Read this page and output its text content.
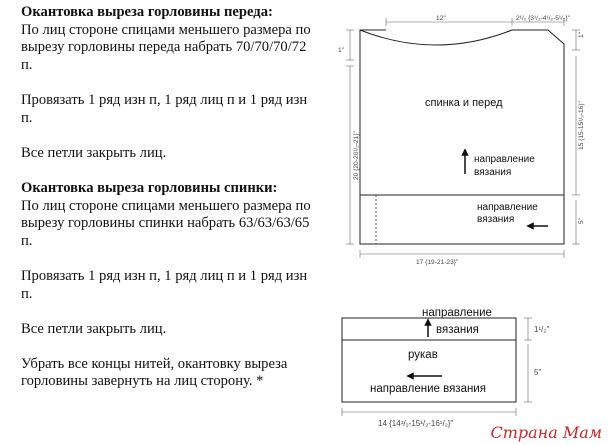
Окантовка выреза горловины переда:

По лиц стороне спицами меньшего размера по вырезу горловины переда набрать 70/70/70/72 п.

Провязать 1 ряд изн п, 1 ряд лиц п и 1 ряд изн п.

Все петли закрыть лиц.

Окантовка выреза горловины спинки:

По лиц стороне спицами меньшего размера по вырезу горловины спинки набрать 63/63/63/65 п.

Провязать 1 ряд изн п, 1 ряд лиц п и 1 ряд изн п.

Все петли закрыть лиц.

Убрать все концы нитей, окантовку выреза горловины завернуть на лиц сторону. *

12"	2¹/₂ {3¹/₂-4¹/₂-5¹/₂}"
1"
20 {20-20¹/₂-21}"
1"
15 {15-15¹/₂-16}"
5"
17 {19-21-23}"
спинка и перед
направление
вязания
направление
вязания
1¹/₂"
5"
14 {14¹/₂-15¹/₂-16¹/₂}"
направление
вязания
рукав
направление вязания
Страна Мам
